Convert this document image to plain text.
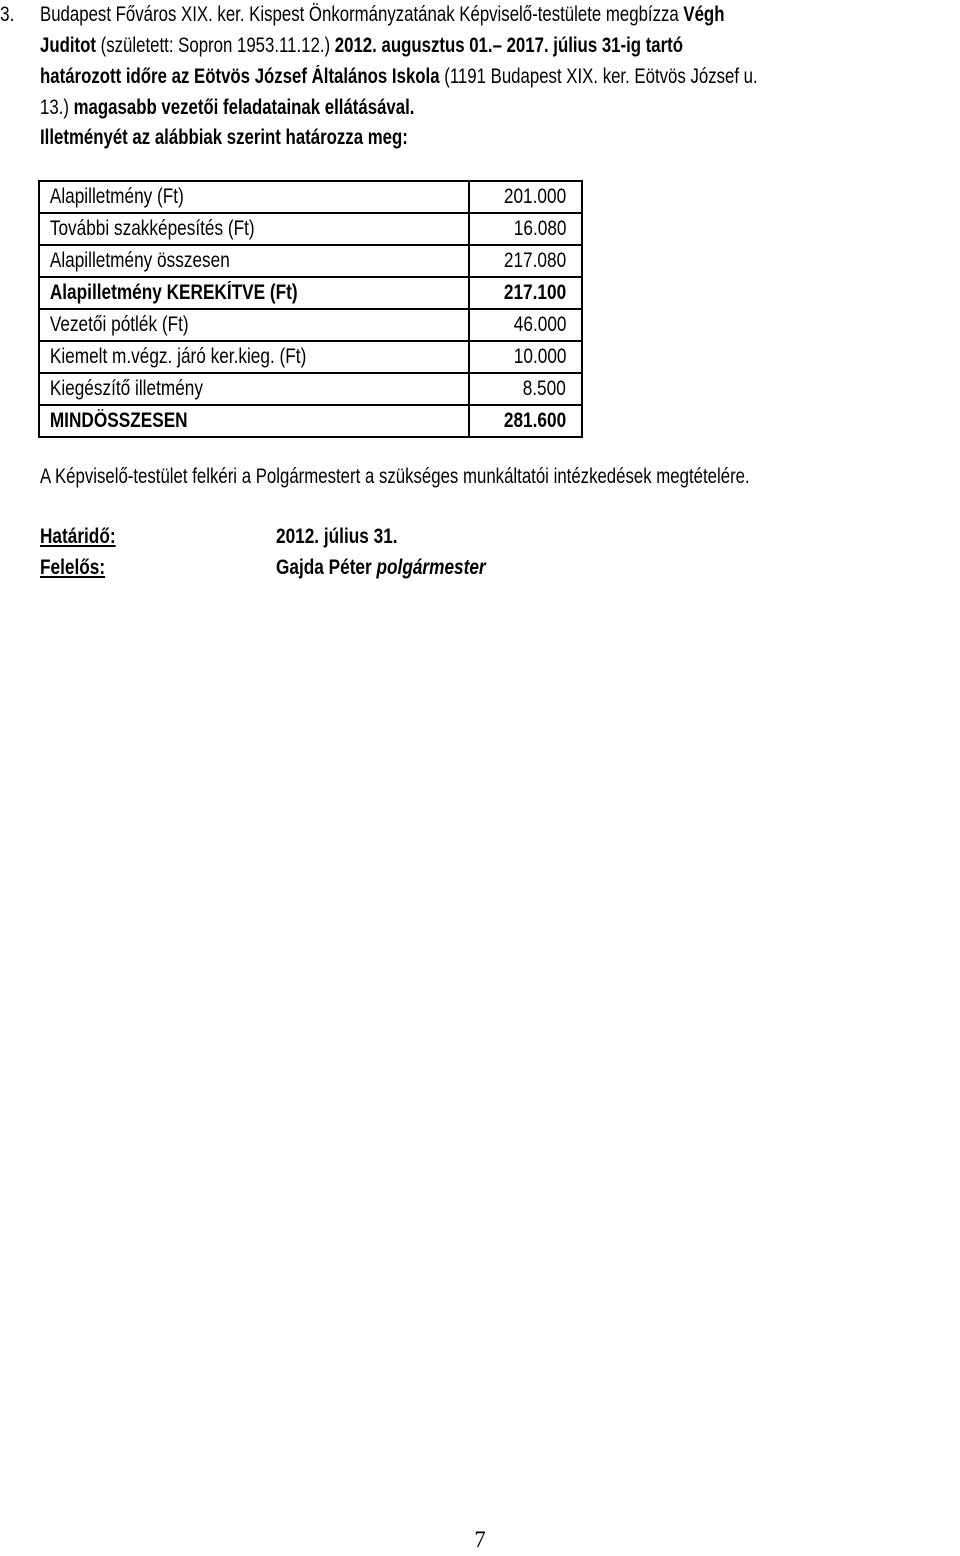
3. Budapest Főváros XIX. ker. Kispest Önkormányzatának Képviselő-testülete megbízza Végh
Juditot (született: Sopron 1953.11.12.) 2012. augusztus 01.– 2017. július 31-ig tartó
határozott időre az Eötvös József Általános Iskola (1191 Budapest XIX. ker. Eötvös József u.
13.) magasabb vezetői feladatainak ellátásával.
Illetményét az alábbiak szerint határozza meg:
Alapilletmény (Ft)	201.000
További szakképesítés (Ft)	16.080
Alapilletmény összesen	217.080
Alapilletmény KEREKÍTVE (Ft)	217.100
Vezetői pótlék (Ft)	46.000
Kiemelt m.végz. járó ker.kieg. (Ft)	10.000
Kiegészítő illetmény	8.500
MINDÖSSZESEN	281.600
A Képviselő-testület felkéri a Polgármestert a szükséges munkáltatói intézkedések megtételére.
Határidő:	2012. július 31.
Felelős:	Gajda Péter polgármester
7
